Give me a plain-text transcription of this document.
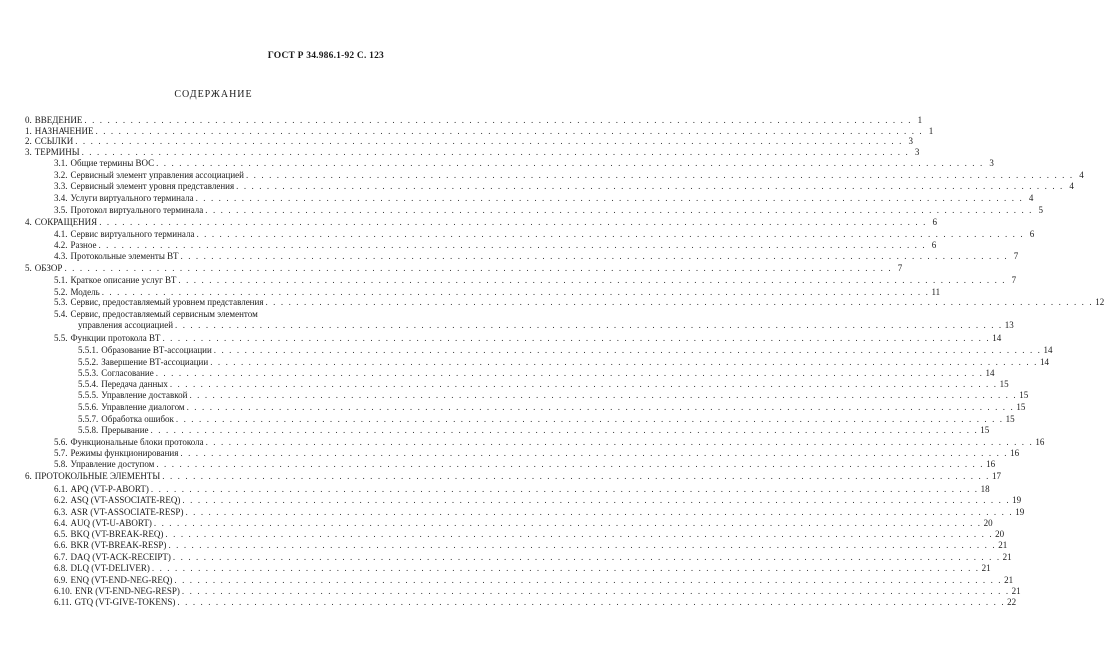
ГОСТ Р 34.986.1-92 С. 123
СОДЕРЖАНИЕ
0. ВВЕДЕНИЕ . . .	1
1. НАЗНАЧЕНИЕ . . .	1
2. ССЫЛКИ . . .	3
3. ТЕРМИНЫ . . .	3
3.1. Общие термины ВОС . . .	3
3.2. Сервисный элемент управления ассоциацией . . .	4
3.3. Сервисный элемент уровня представления . . .	4
3.4. Услуги виртуального терминала . . .	4
3.5. Протокол виртуального терминала . . .	5
4. СОКРАЩЕНИЯ . . .	6
4.1. Сервис виртуального терминала . . .	6
4.2. Разное . . .	6
4.3. Протокольные элементы ВТ . . .	7
5. ОБЗОР . . .	7
5.1. Краткое описание услуг ВТ . . .	7
5.2. Модель . . .	11
5.3. Сервис, предоставляемый уровнем представления . . .	12
5.4. Сервис, предоставляемый сервисным элементом
управления ассоциацией . . .	13
5.5. Функции протокола ВТ . . .	14
5.5.1. Образование ВТ-ассоциации . . .	14
5.5.2. Завершение ВТ-ассоциации . . .	14
5.5.3. Согласование . . .	14
5.5.4. Передача данных . . .	15
5.5.5. Управление доставкой . . .	15
5.5.6. Управление диалогом . . .	15
5.5.7. Обработка ошибок . . .	15
5.5.8. Прерывание . . .	15
5.6. Функциональные блоки протокола . . .	16
5.7. Режимы функционирования . . .	16
5.8. Управление доступом . . .	16
6. ПРОТОКОЛЬНЫЕ ЭЛЕМЕНТЫ . . .	17
6.1. APQ (VT-P-ABORT) . . .	18
6.2. ASQ (VT-ASSOCIATE-REQ) . . .	19
6.3. ASR (VT-ASSOCIATE-RESP) . . .	19
6.4. AUQ (VT-U-ABORT) . . .	20
6.5. BKQ (VT-BREAK-REQ) . . .	20
6.6. BKR (VT-BREAK-RESP) . . .	21
6.7. DAQ (VT-ACK-RECEIPT) . . .	21
6.8. DLQ (VT-DELIVER) . . .	21
6.9. ENQ (VT-END-NEG-REQ) . . .	21
6.10. ENR (VT-END-NEG-RESP) . . .	21
6.11. GTQ (VT-GIVE-TOKENS) . . .	22
